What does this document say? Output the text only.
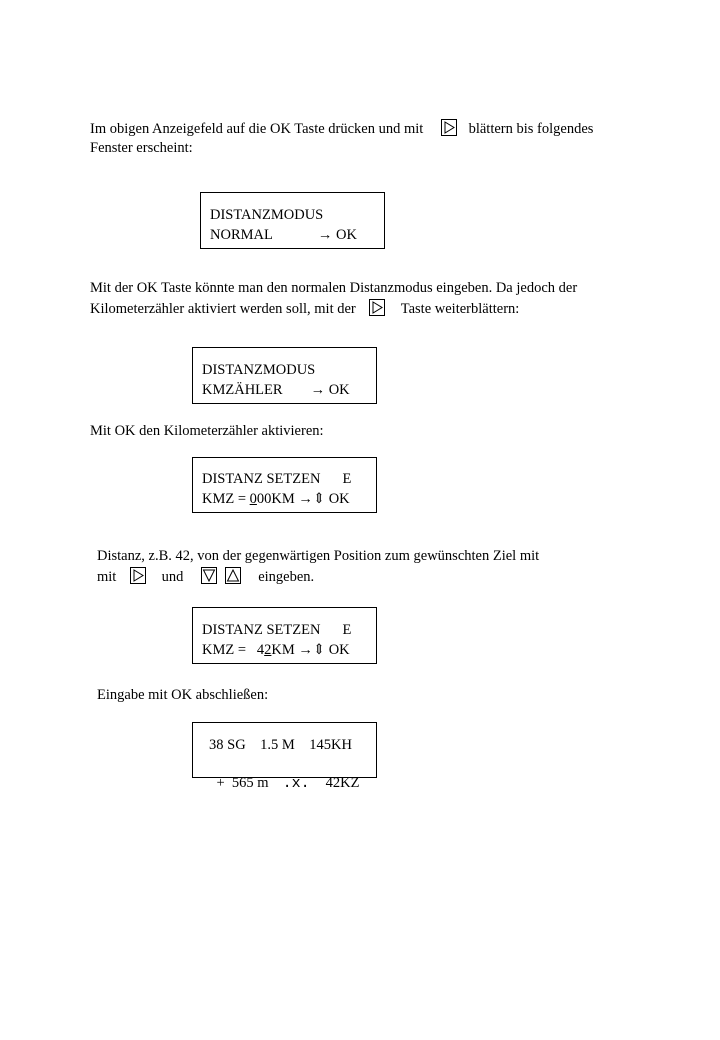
Im obigen Anzeigefeld auf die OK Taste drücken und mit	blättern bis folgendes
Fenster erscheint:
DISTANZMODUS
NORMAL	→ OK
Mit der OK Taste könnte man den normalen Distanzmodus eingeben. Da jedoch der
Kilometerzähler aktiviert werden soll, mit der	Taste weiterblättern:
DISTANZMODUS
KMZÄHLER → OK
Mit OK den Kilometerzähler aktivieren:
DISTANZ SETZEN E
KMZ = 000KM →⇕ OK
Distanz, z.B. 42, von der gegenwärtigen Position zum gewünschten Ziel mit
mit	und
	eingeben.
DISTANZ SETZEN E
KMZ =   42KM →⇕ OK
Eingabe mit OK abschließen:
38 SG    1.5 M    145KH

+  565 m .x. 42KZ
